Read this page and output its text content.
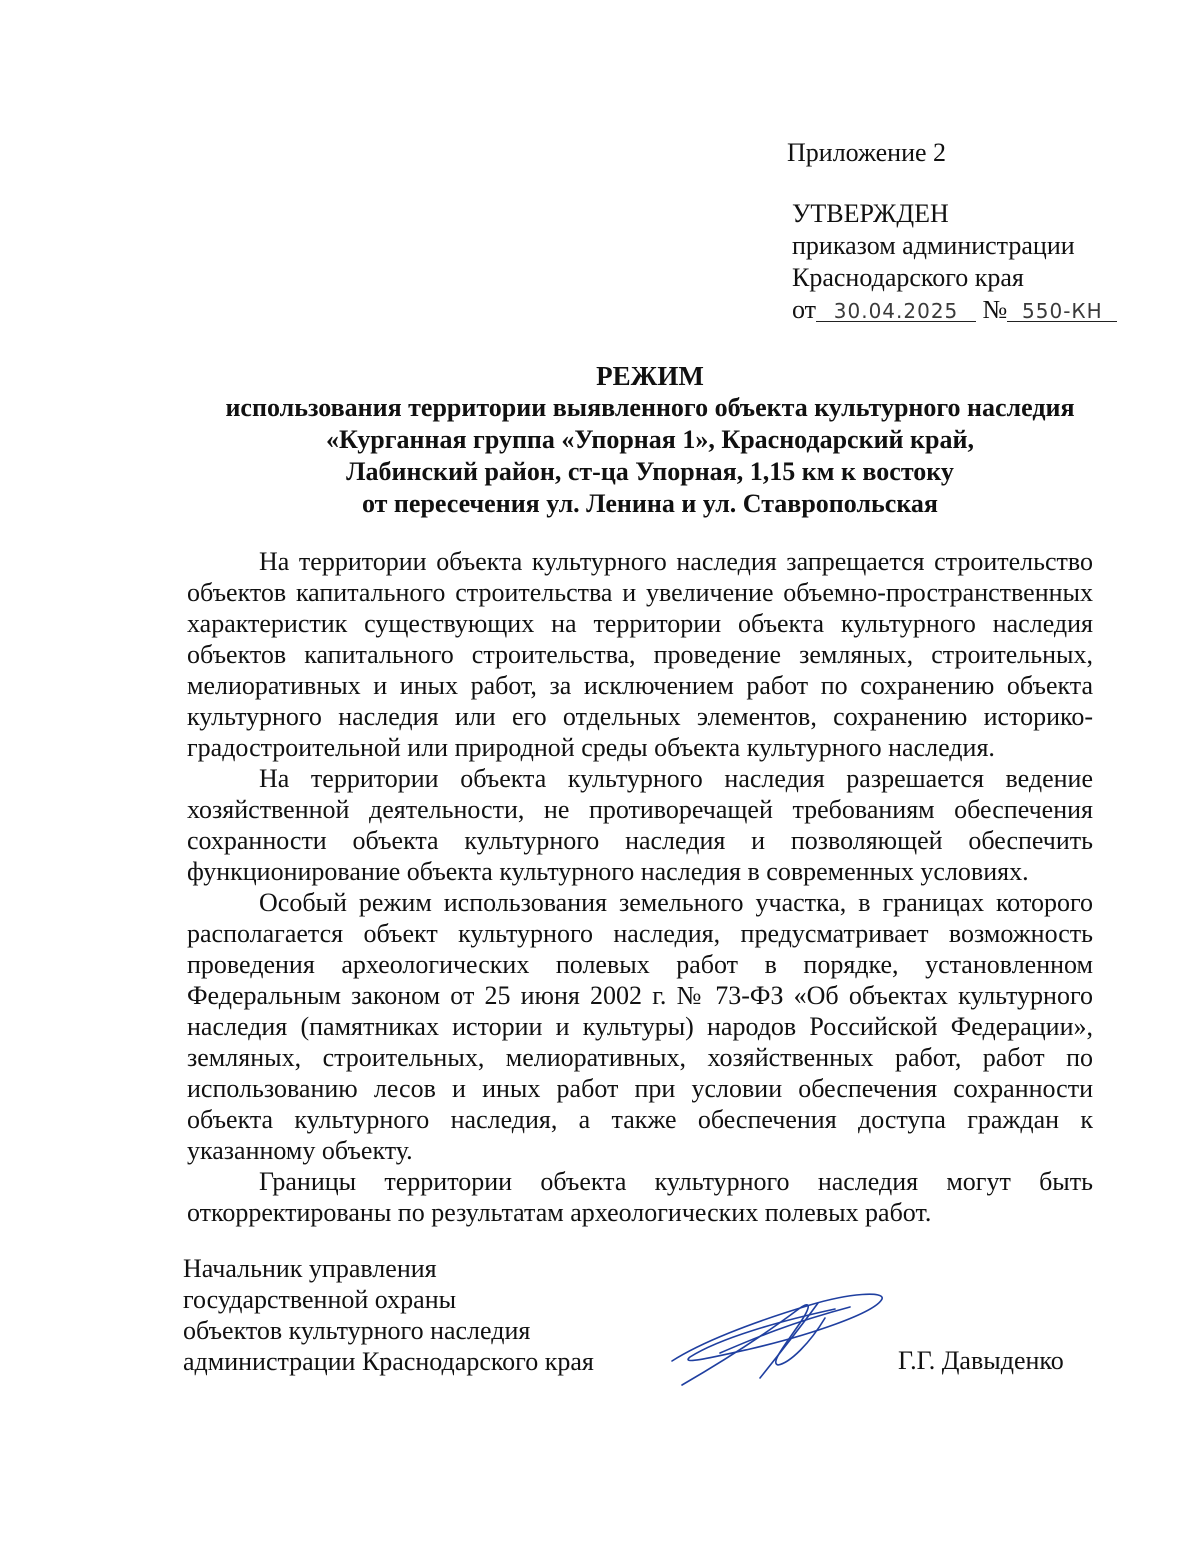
Приложение 2
УТВЕРЖДЕН
приказом администрации
Краснодарского края
от 30.04.2025 № 550-КН
РЕЖИМ
использования территории выявленного объекта культурного наследия
«Курганная группа «Упорная 1», Краснодарский край,
Лабинский район, ст-ца Упорная, 1,15 км к востоку
от пересечения ул. Ленина и ул. Ставропольская

На территории объекта культурного наследия запрещается строительство объектов капитального строительства и увеличение объемно-пространственных характеристик существующих на территории объекта культурного наследия объектов капитального строительства, проведение земляных, строительных, мелиоративных и иных работ, за исключением работ по сохранению объекта культурного наследия или его отдельных элементов, сохранению историко-градостроительной или природной среды объекта культурного наследия.

На территории объекта культурного наследия разрешается ведение хозяйственной деятельности, не противоречащей требованиям обеспечения сохранности объекта культурного наследия и позволяющей обеспечить функционирование объекта культурного наследия в современных условиях.

Особый режим использования земельного участка, в границах которого располагается объект культурного наследия, предусматривает возможность проведения археологических полевых работ в порядке, установленном Федеральным законом от 25 июня 2002 г. № 73-ФЗ «Об объектах культурного наследия (памятниках истории и культуры) народов Российской Федерации», земляных, строительных, мелиоративных, хозяйственных работ, работ по использованию лесов и иных работ при условии обеспечения сохранности объекта культурного наследия, а также обеспечения доступа граждан к указанному объекту.

Границы территории объекта культурного наследия могут быть откорректированы по результатам археологических полевых работ.

Начальник управления
государственной охраны
объектов культурного наследия
администрации Краснодарского края	Г.Г. Давыденко
